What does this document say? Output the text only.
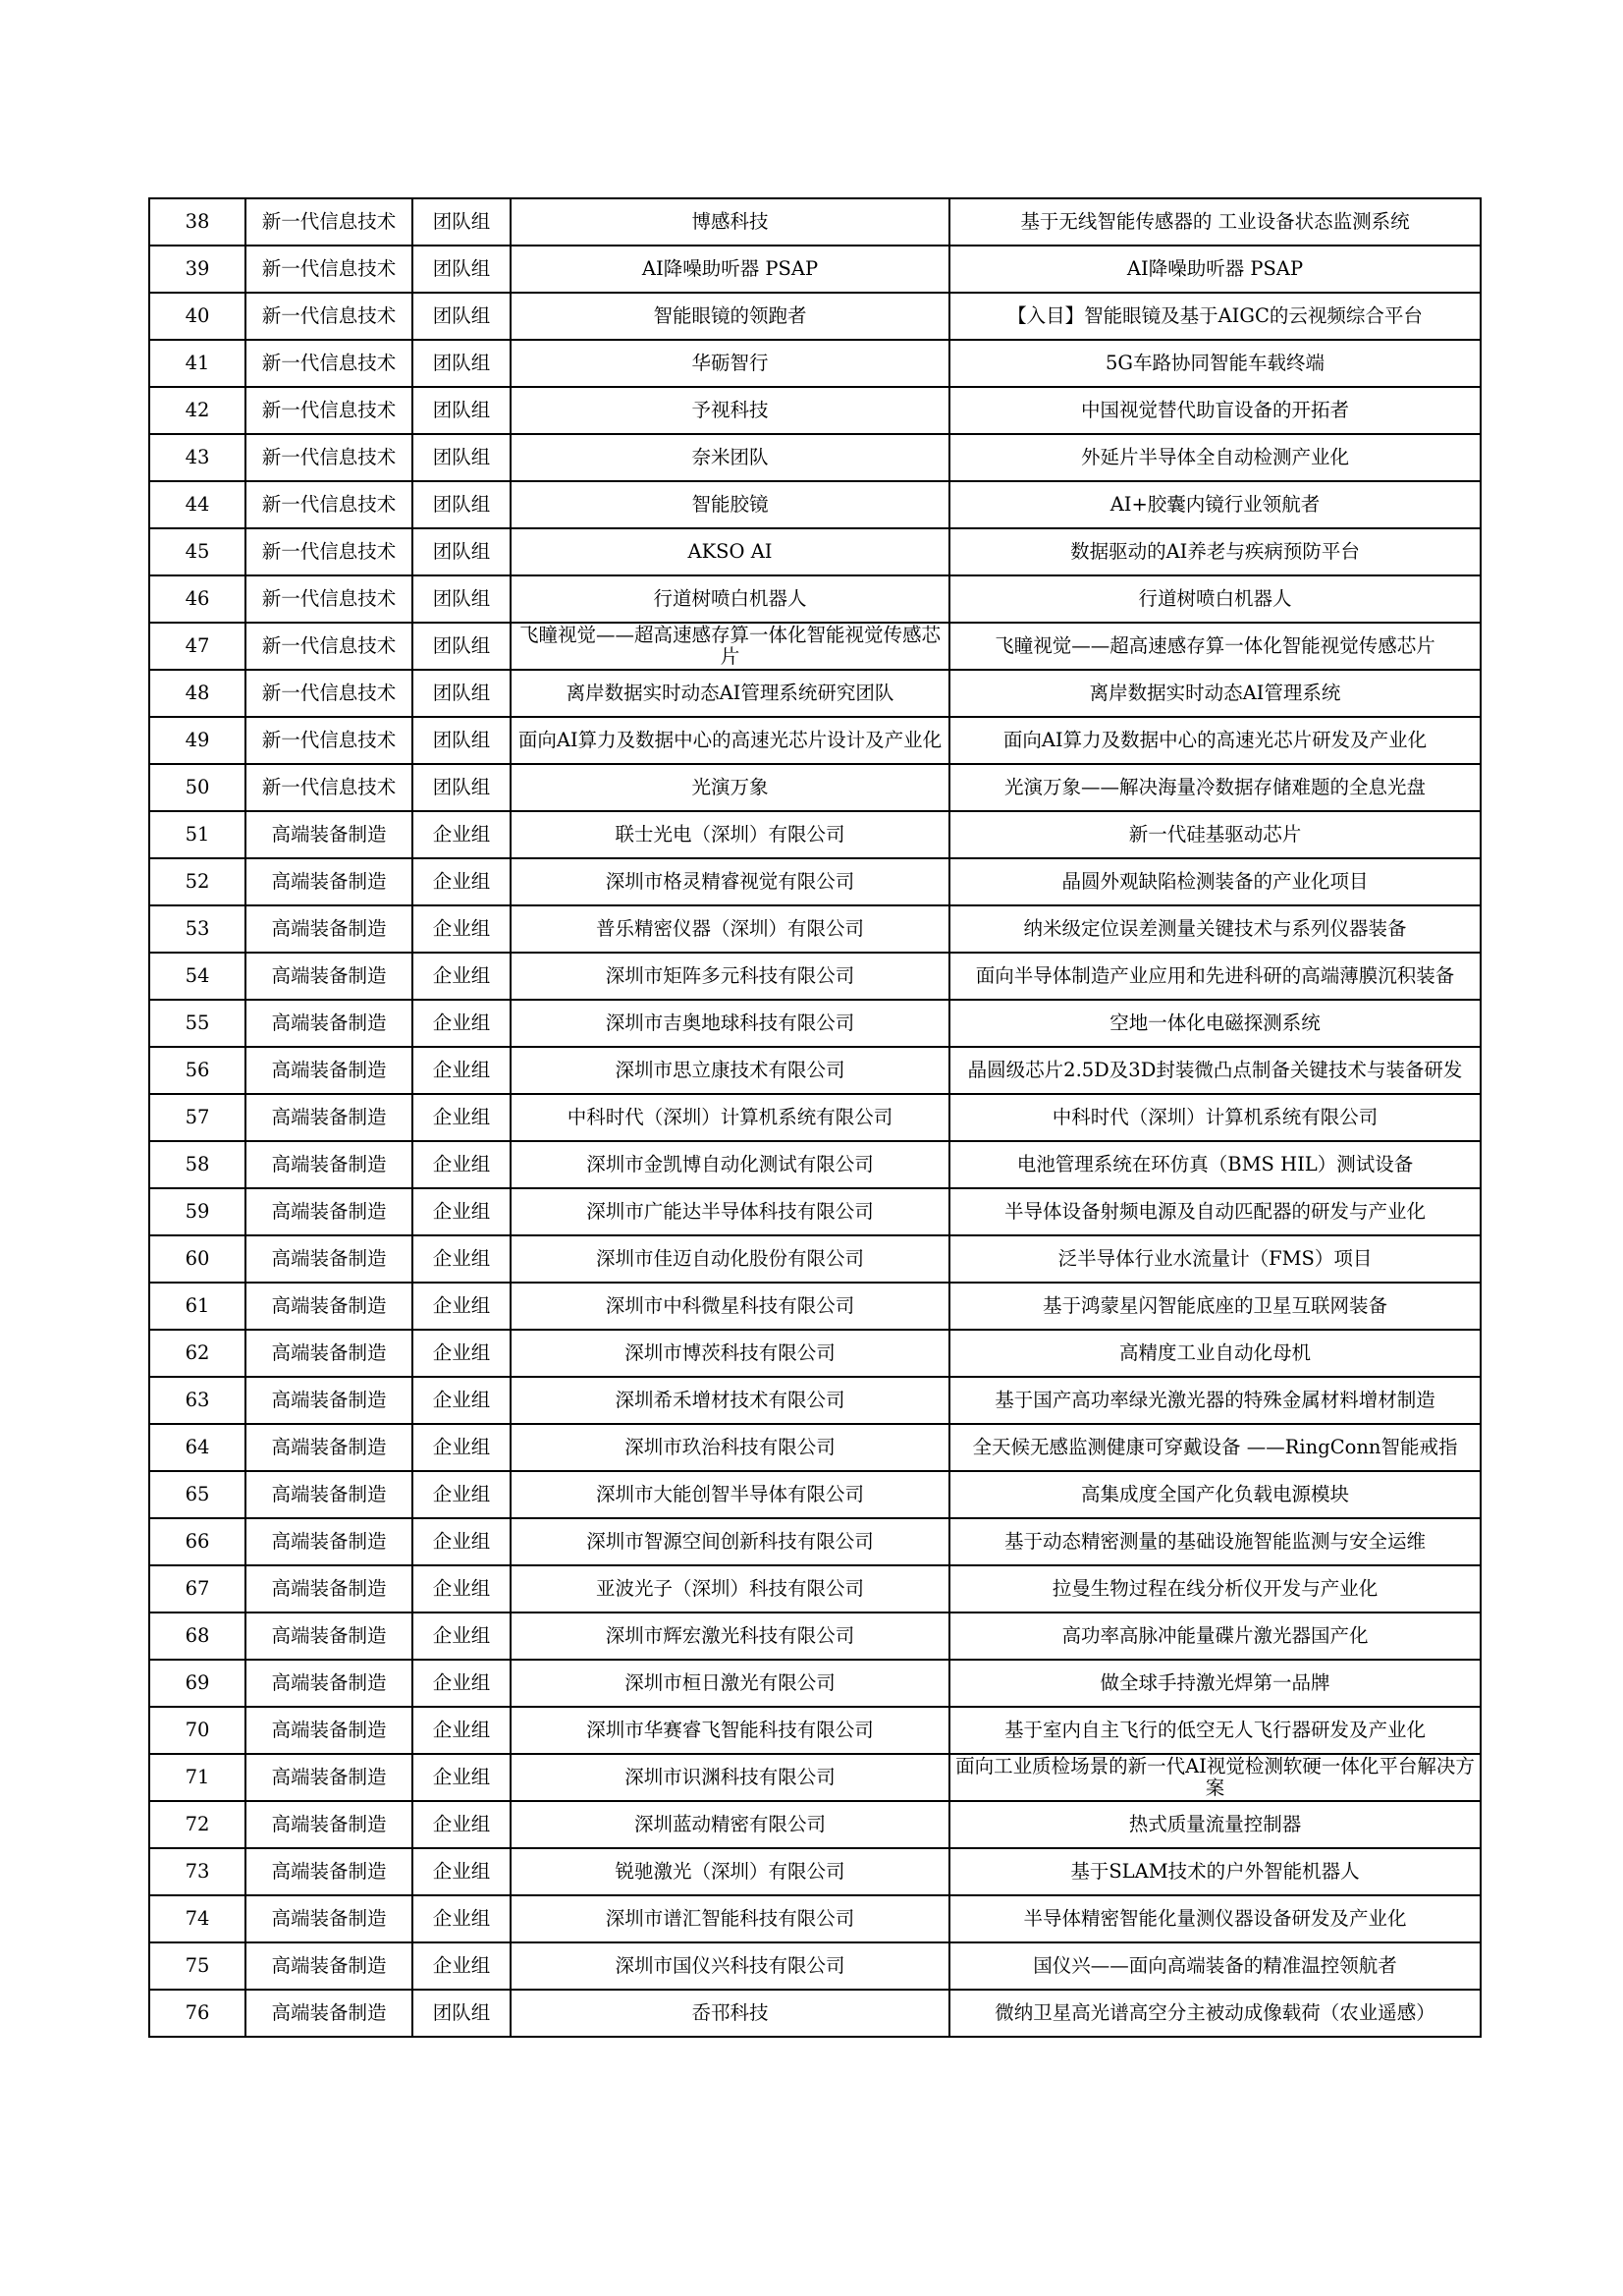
38	新一代信息技术	团队组	博感科技	基于无线智能传感器的 工业设备状态监测系统

39	新一代信息技术	团队组	AI降噪助听器 PSAP	AI降噪助听器 PSAP

40	新一代信息技术	团队组	智能眼镜的领跑者	【入目】智能眼镜及基于AIGC的云视频综合平台

41	新一代信息技术	团队组	华砺智行	5G车路协同智能车载终端

42	新一代信息技术	团队组	予视科技	中国视觉替代助盲设备的开拓者

43	新一代信息技术	团队组	奈米团队	外延片半导体全自动检测产业化

44	新一代信息技术	团队组	智能胶镜	AI+胶囊内镜行业领航者

45	新一代信息技术	团队组	AKSO AI	数据驱动的AI养老与疾病预防平台

46	新一代信息技术	团队组	行道树喷白机器人	行道树喷白机器人

47	新一代信息技术	团队组	飞瞳视觉——超高速感存算一体化智能视觉传感芯片	飞瞳视觉——超高速感存算一体化智能视觉传感芯片

48	新一代信息技术	团队组	离岸数据实时动态AI管理系统研究团队	离岸数据实时动态AI管理系统

49	新一代信息技术	团队组	面向AI算力及数据中心的高速光芯片设计及产业化	面向AI算力及数据中心的高速光芯片研发及产业化

50	新一代信息技术	团队组	光演万象	光演万象——解决海量冷数据存储难题的全息光盘

51	高端装备制造	企业组	联士光电（深圳）有限公司	新一代硅基驱动芯片

52	高端装备制造	企业组	深圳市格灵精睿视觉有限公司	晶圆外观缺陷检测装备的产业化项目

53	高端装备制造	企业组	普乐精密仪器（深圳）有限公司	纳米级定位误差测量关键技术与系列仪器装备

54	高端装备制造	企业组	深圳市矩阵多元科技有限公司	面向半导体制造产业应用和先进科研的高端薄膜沉积装备

55	高端装备制造	企业组	深圳市吉奥地球科技有限公司	空地一体化电磁探测系统

56	高端装备制造	企业组	深圳市思立康技术有限公司	晶圆级芯片2.5D及3D封装微凸点制备关键技术与装备研发

57	高端装备制造	企业组	中科时代（深圳）计算机系统有限公司	中科时代（深圳）计算机系统有限公司

58	高端装备制造	企业组	深圳市金凯博自动化测试有限公司	电池管理系统在环仿真（BMS HIL）测试设备

59	高端装备制造	企业组	深圳市广能达半导体科技有限公司	半导体设备射频电源及自动匹配器的研发与产业化

60	高端装备制造	企业组	深圳市佳迈自动化股份有限公司	泛半导体行业水流量计（FMS）项目

61	高端装备制造	企业组	深圳市中科微星科技有限公司	基于鸿蒙星闪智能底座的卫星互联网装备

62	高端装备制造	企业组	深圳市博茨科技有限公司	高精度工业自动化母机

63	高端装备制造	企业组	深圳希禾增材技术有限公司	基于国产高功率绿光激光器的特殊金属材料增材制造

64	高端装备制造	企业组	深圳市玖治科技有限公司	全天候无感监测健康可穿戴设备 ——RingConn智能戒指

65	高端装备制造	企业组	深圳市大能创智半导体有限公司	高集成度全国产化负载电源模块

66	高端装备制造	企业组	深圳市智源空间创新科技有限公司	基于动态精密测量的基础设施智能监测与安全运维

67	高端装备制造	企业组	亚波光子（深圳）科技有限公司	拉曼生物过程在线分析仪开发与产业化

68	高端装备制造	企业组	深圳市辉宏激光科技有限公司	高功率高脉冲能量碟片激光器国产化

69	高端装备制造	企业组	深圳市桓日激光有限公司	做全球手持激光焊第一品牌

70	高端装备制造	企业组	深圳市华赛睿飞智能科技有限公司	基于室内自主飞行的低空无人飞行器研发及产业化

71	高端装备制造	企业组	深圳市识渊科技有限公司	面向工业质检场景的新一代AI视觉检测软硬一体化平台解决方案

72	高端装备制造	企业组	深圳蓝动精密有限公司	热式质量流量控制器

73	高端装备制造	企业组	锐驰激光（深圳）有限公司	基于SLAM技术的户外智能机器人

74	高端装备制造	企业组	深圳市谱汇智能科技有限公司	半导体精密智能化量测仪器设备研发及产业化

75	高端装备制造	企业组	深圳市国仪兴科技有限公司	国仪兴——面向高端装备的精准温控领航者

76	高端装备制造	团队组	岙邗科技	微纳卫星高光谱高空分主被动成像载荷（农业遥感）
